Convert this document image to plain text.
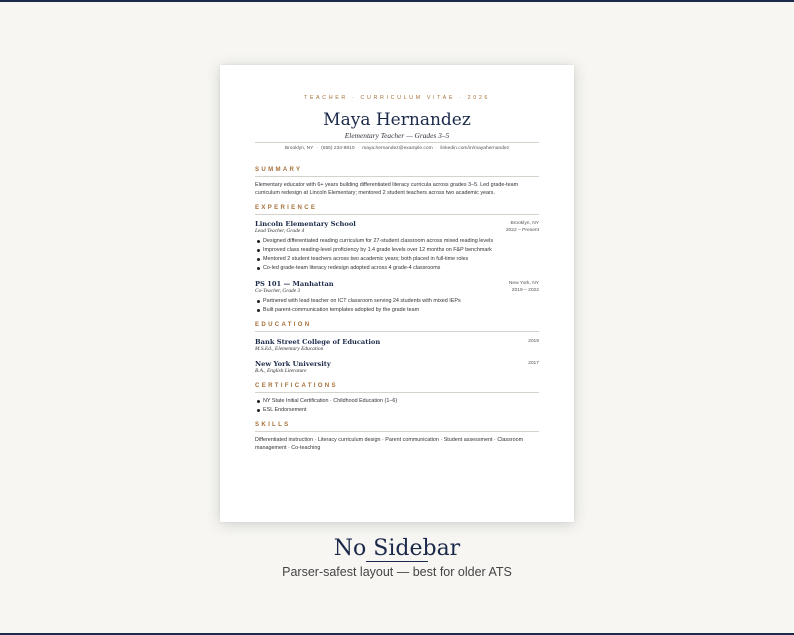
TEACHER · CURRICULUM VITAE · 2026
Maya Hernandez
Elementary Teacher — Grades 3–5
Brooklyn, NY · (555) 234-9810 · maya.hernandez@example.com · linkedin.com/in/mayahernandez
SUMMARY
Elementary educator with 6+ years building differentiated literacy curricula across grades 3–5. Led grade-team curriculum redesign at Lincoln Elementary; mentored 2 student teachers across two academic years.
EXPERIENCE
Lincoln Elementary School	Brooklyn, NY
Lead Teacher, Grade 4	2022 – Present
Designed differentiated reading curriculum for 27-student classroom across mixed reading levels
Improved class reading-level proficiency by 1.4 grade levels over 12 months on F&P benchmark
Mentored 2 student teachers across two academic years; both placed in full-time roles
Co-led grade-team literacy redesign adopted across 4 grade-4 classrooms
PS 101 — Manhattan	New York, NY
Co-Teacher, Grade 3	2019 – 2022
Partnered with lead teacher on ICT classroom serving 24 students with mixed IEPs
Built parent-communication templates adopted by the grade team
EDUCATION
Bank Street College of Education	2019
M.S.Ed., Elementary Education
New York University	2017
B.A., English Literature
CERTIFICATIONS
NY State Initial Certification · Childhood Education (1–6)
ESL Endorsement
SKILLS
Differentiated instruction · Literacy curriculum design · Parent communication · Student assessment · Classroom management · Co-teaching
No Sidebar
Parser-safest layout — best for older ATS
